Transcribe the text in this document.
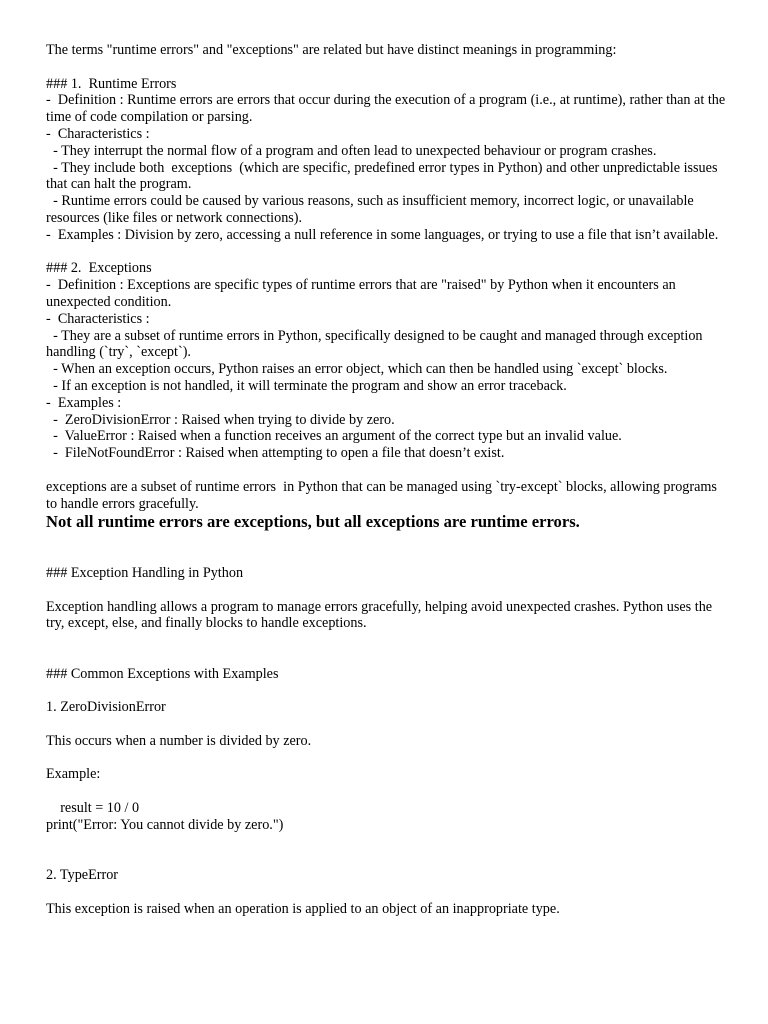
The terms "runtime errors" and "exceptions" are related but have distinct meanings in programming:
### 1.  Runtime Errors
-  Definition : Runtime errors are errors that occur during the execution of a program (i.e., at runtime), rather than at the time of code compilation or parsing.
-  Characteristics :
- They interrupt the normal flow of a program and often lead to unexpected behaviour or program crashes.
- They include both  exceptions  (which are specific, predefined error types in Python) and other unpredictable issues that can halt the program.
- Runtime errors could be caused by various reasons, such as insufficient memory, incorrect logic, or unavailable resources (like files or network connections).
-  Examples : Division by zero, accessing a null reference in some languages, or trying to use a file that isn’t available.
### 2.  Exceptions
-  Definition : Exceptions are specific types of runtime errors that are "raised" by Python when it encounters an unexpected condition.
-  Characteristics :
- They are a subset of runtime errors in Python, specifically designed to be caught and managed through exception handling (`try`, `except`).
- When an exception occurs, Python raises an error object, which can then be handled using `except` blocks.
- If an exception is not handled, it will terminate the program and show an error traceback.
-  Examples :
-  ZeroDivisionError : Raised when trying to divide by zero.
-  ValueError : Raised when a function receives an argument of the correct type but an invalid value.
-  FileNotFoundError : Raised when attempting to open a file that doesn’t exist.
exceptions are a subset of runtime errors  in Python that can be managed using `try-except` blocks, allowing programs to handle errors gracefully.
Not all runtime errors are exceptions, but all exceptions are runtime errors.
### Exception Handling in Python
Exception handling allows a program to manage errors gracefully, helping avoid unexpected crashes. Python uses the try, except, else, and finally blocks to handle exceptions.
### Common Exceptions with Examples
1. ZeroDivisionError
This occurs when a number is divided by zero.
Example:
result = 10 / 0
print("Error: You cannot divide by zero.")
2. TypeError
This exception is raised when an operation is applied to an object of an inappropriate type.
